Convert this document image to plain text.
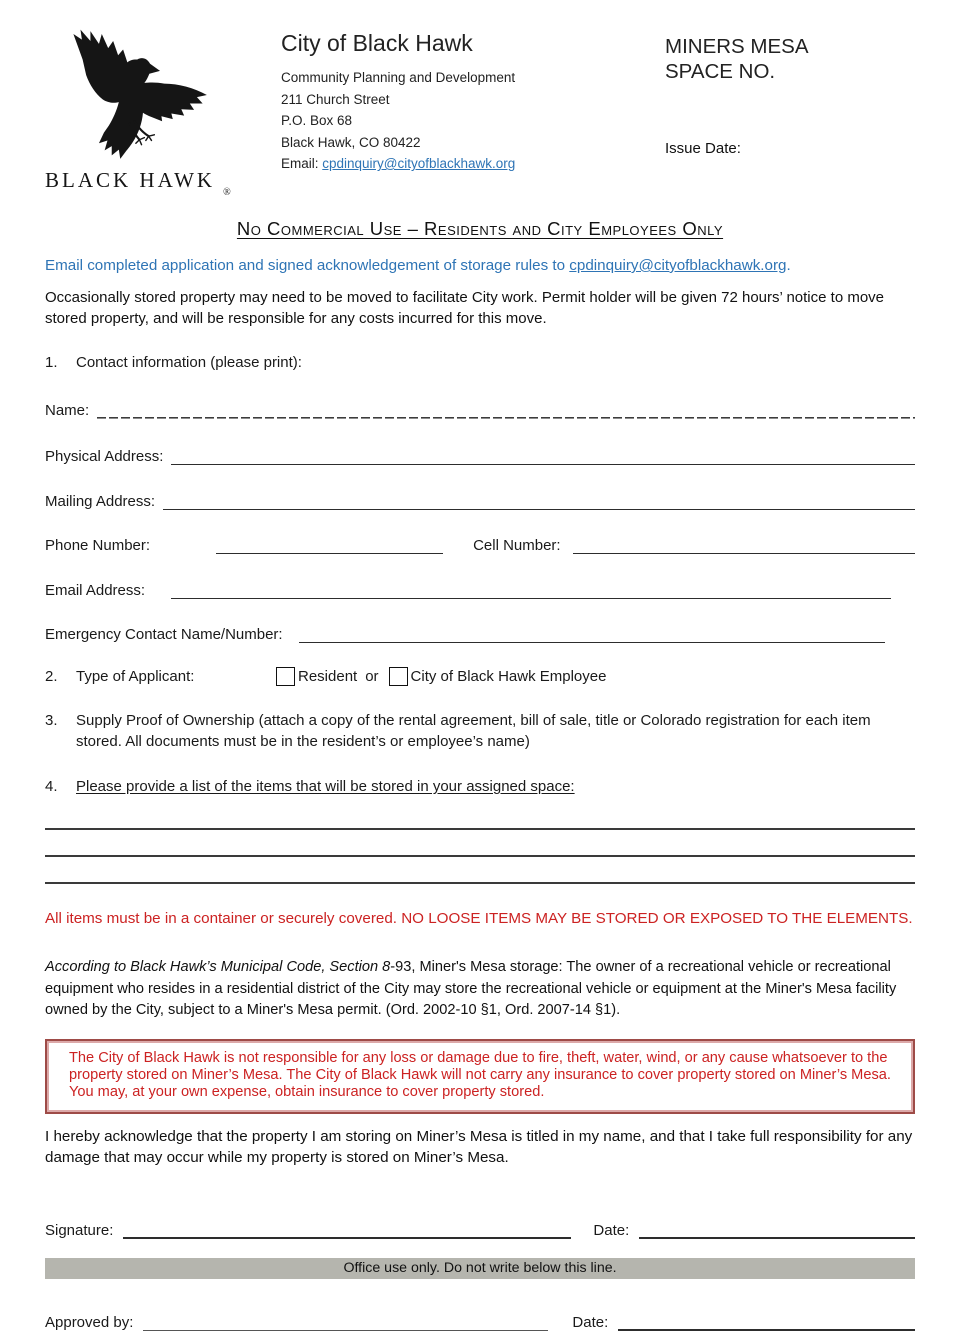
BLACK $HAWK_®$
City of Black Hawk
Community Planning and Development
211 Church Street
P.O. Box 68
Black Hawk, CO 80422
Email: cpdinquiry@cityofblackhawk.org
MINERS MESA
SPACE NO.
Issue Date:
No Commercial Use – Residents and City Employees Only
Email completed application and signed acknowledgement of storage rules to cpdinquiry@cityofblackhawk.org.
Occasionally stored property may need to be moved to facilitate City work. Permit holder will be given 72 hours’ notice to move stored property, and will be responsible for any costs incurred for this move.
1.	Contact information (please print):
Name:
Physical Address:
Mailing Address:
Phone Number:	Cell Number:
Email Address:
Emergency Contact Name/Number:
2.	Type of Applicant:	Resident or City of Black Hawk Employee
3.	Supply Proof of Ownership (attach a copy of the rental agreement, bill of sale, title or Colorado registration for each item stored. All documents must be in the resident’s or employee’s name)
4.	Please provide a list of the items that will be stored in your assigned space:
All items must be in a container or securely covered. NO LOOSE ITEMS MAY BE STORED OR EXPOSED TO THE ELEMENTS.
According to Black Hawk’s Municipal Code, Section 8-93, Miner's Mesa storage: The owner of a recreational vehicle or recreational equipment who resides in a residential district of the City may store the recreational vehicle or equipment at the Miner's Mesa facility owned by the City, subject to a Miner's Mesa permit. (Ord. 2002-10 §1, Ord. 2007-14 §1).

The City of Black Hawk is not responsible for any loss or damage due to fire, theft, water, wind, or any cause whatsoever to the property stored on Miner’s Mesa. The City of Black Hawk will not carry any insurance to cover property stored on Miner’s Mesa. You may, at your own expense, obtain insurance to cover property stored.

I hereby acknowledge that the property I am storing on Miner’s Mesa is titled in my name, and that I take full responsibility for any damage that may occur while my property is stored on Miner’s Mesa.
Signature:	Date:
Office use only. Do not write below this line.
Approved by:	Date:
